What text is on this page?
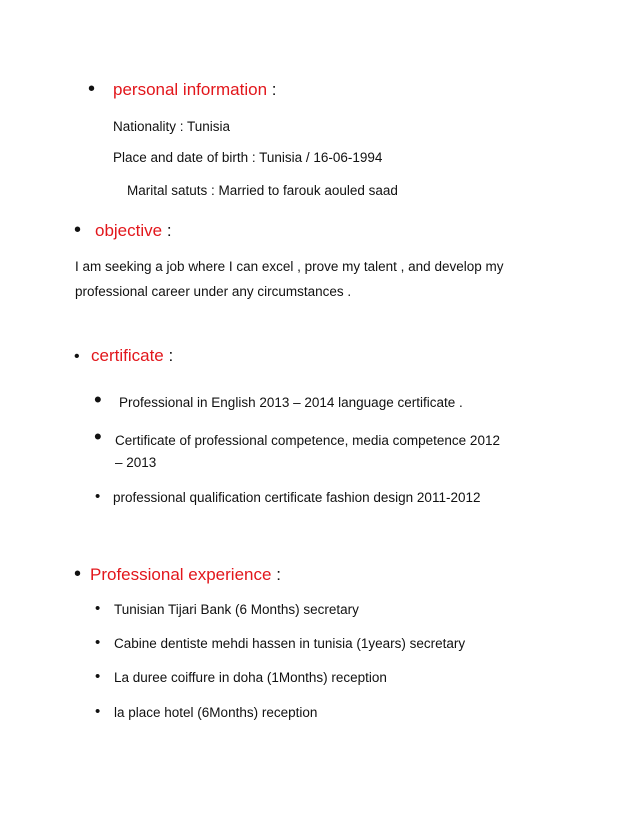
• personal information :
Nationality : Tunisia
Place and date of birth : Tunisia / 16-06-1994
Marital satuts : Married to farouk aouled saad
• objective :
I am seeking a job where I can excel , prove my talent , and develop my
professional career under any circumstances .
• certificate :
• Professional in English 2013 – 2014 language certificate .
• Certificate of professional competence, media competence 2012
– 2013
• professional qualification certificate fashion design 2011-2012
• Professional experience :
• Tunisian Tijari Bank (6 Months) secretary
• Cabine dentiste mehdi hassen in tunisia (1years) secretary
• La duree coiffure in doha (1Months) reception
• la place hotel (6Months) reception
